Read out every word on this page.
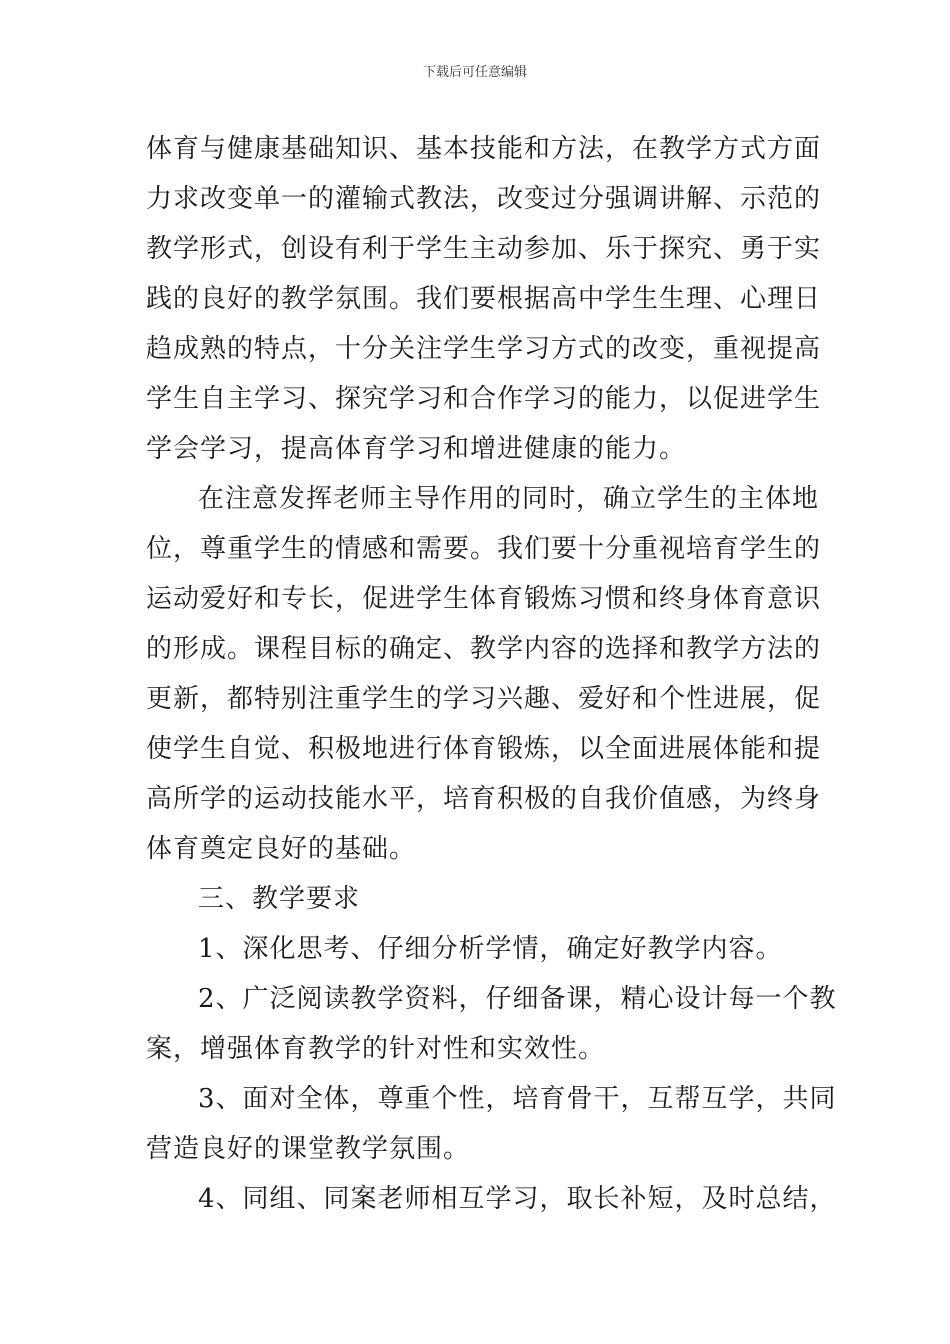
下载后可任意编辑
体育与健康基础知识、基本技能和方法，在教学方式方面
力求改变单一的灌输式教法，改变过分强调讲解、示范的
教学形式，创设有利于学生主动参加、乐于探究、勇于实
践的良好的教学氛围。我们要根据高中学生生理、心理日
趋成熟的特点，十分关注学生学习方式的改变，重视提高
学生自主学习、探究学习和合作学习的能力，以促进学生
学会学习，提高体育学习和增进健康的能力。
在注意发挥老师主导作用的同时，确立学生的主体地
位，尊重学生的情感和需要。我们要十分重视培育学生的
运动爱好和专长，促进学生体育锻炼习惯和终身体育意识
的形成。课程目标的确定、教学内容的选择和教学方法的
更新，都特别注重学生的学习兴趣、爱好和个性进展，促
使学生自觉、积极地进行体育锻炼，以全面进展体能和提
高所学的运动技能水平，培育积极的自我价值感，为终身
体育奠定良好的基础。
三、教学要求
1、深化思考、仔细分析学情，确定好教学内容。
2、广泛阅读教学资料，仔细备课，精心设计每一个教
案，增强体育教学的针对性和实效性。
3、面对全体，尊重个性，培育骨干，互帮互学，共同
营造良好的课堂教学氛围。
4、同组、同案老师相互学习，取长补短，及时总结，
